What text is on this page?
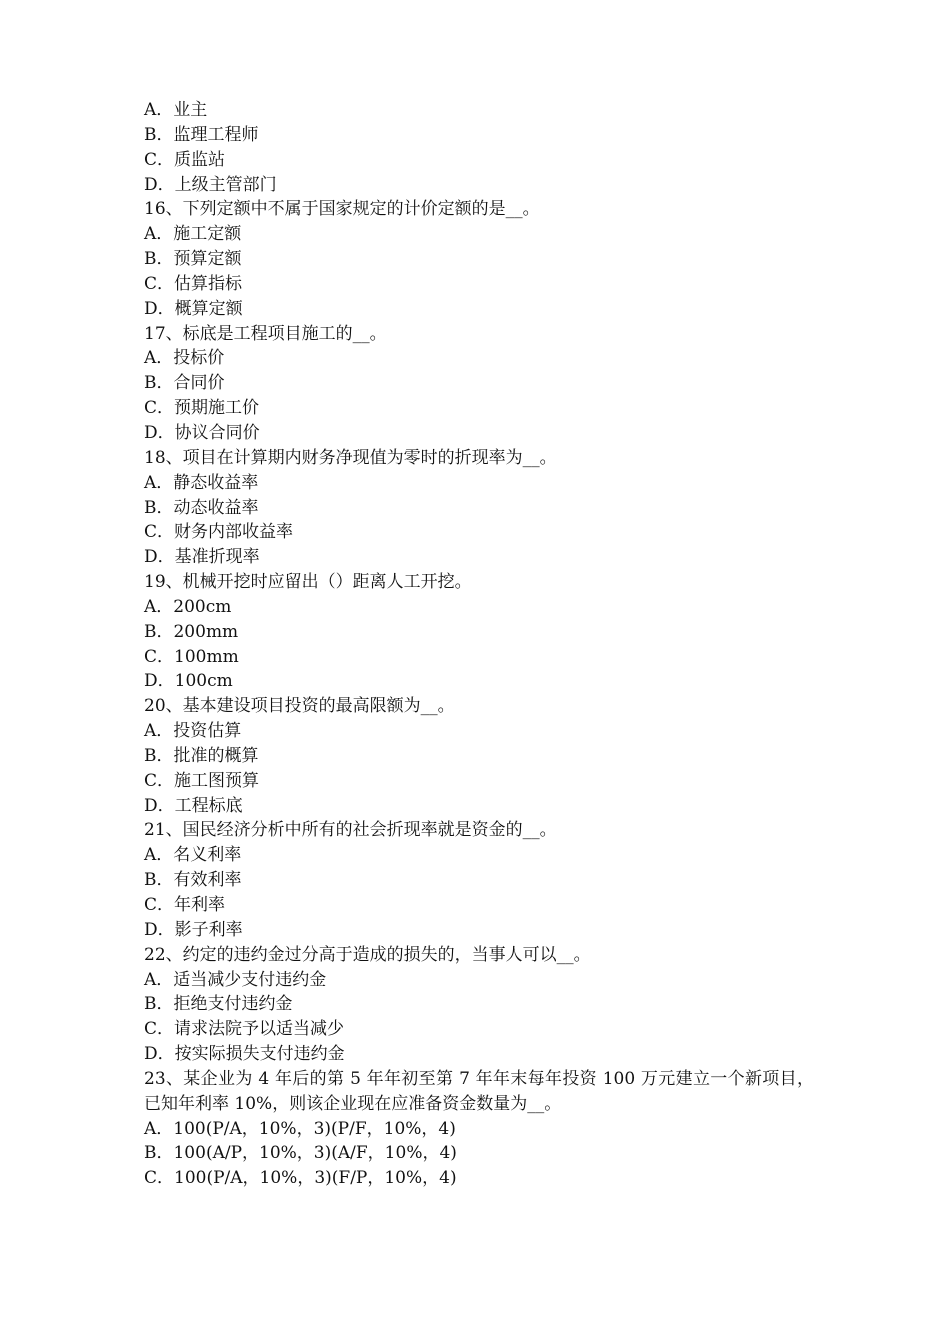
A．业主
B．监理工程师
C．质监站
D．上级主管部门
16、下列定额中不属于国家规定的计价定额的是__。
A．施工定额
B．预算定额
C．估算指标
D．概算定额
17、标底是工程项目施工的__。
A．投标价
B．合同价
C．预期施工价
D．协议合同价
18、项目在计算期内财务净现值为零时的折现率为__。
A．静态收益率
B．动态收益率
C．财务内部收益率
D．基准折现率
19、机械开挖时应留出（）距离人工开挖。
A．200cm
B．200mm
C．100mm
D．100cm
20、基本建设项目投资的最高限额为__。
A．投资估算
B．批准的概算
C．施工图预算
D．工程标底
21、国民经济分析中所有的社会折现率就是资金的__。
A．名义利率
B．有效利率
C．年利率
D．影子利率
22、约定的违约金过分高于造成的损失的，当事人可以__。
A．适当减少支付违约金
B．拒绝支付违约金
C．请求法院予以适当减少
D．按实际损失支付违约金
23、某企业为 4 年后的第 5 年年初至第 7 年年末每年投资 100 万元建立一个新项目，已知年利率 10%，则该企业现在应准备资金数量为__。
A．100(P/A，10%，3)(P/F，10%，4)
B．100(A/P，10%，3)(A/F，10%，4)
C．100(P/A，10%，3)(F/P，10%，4)
